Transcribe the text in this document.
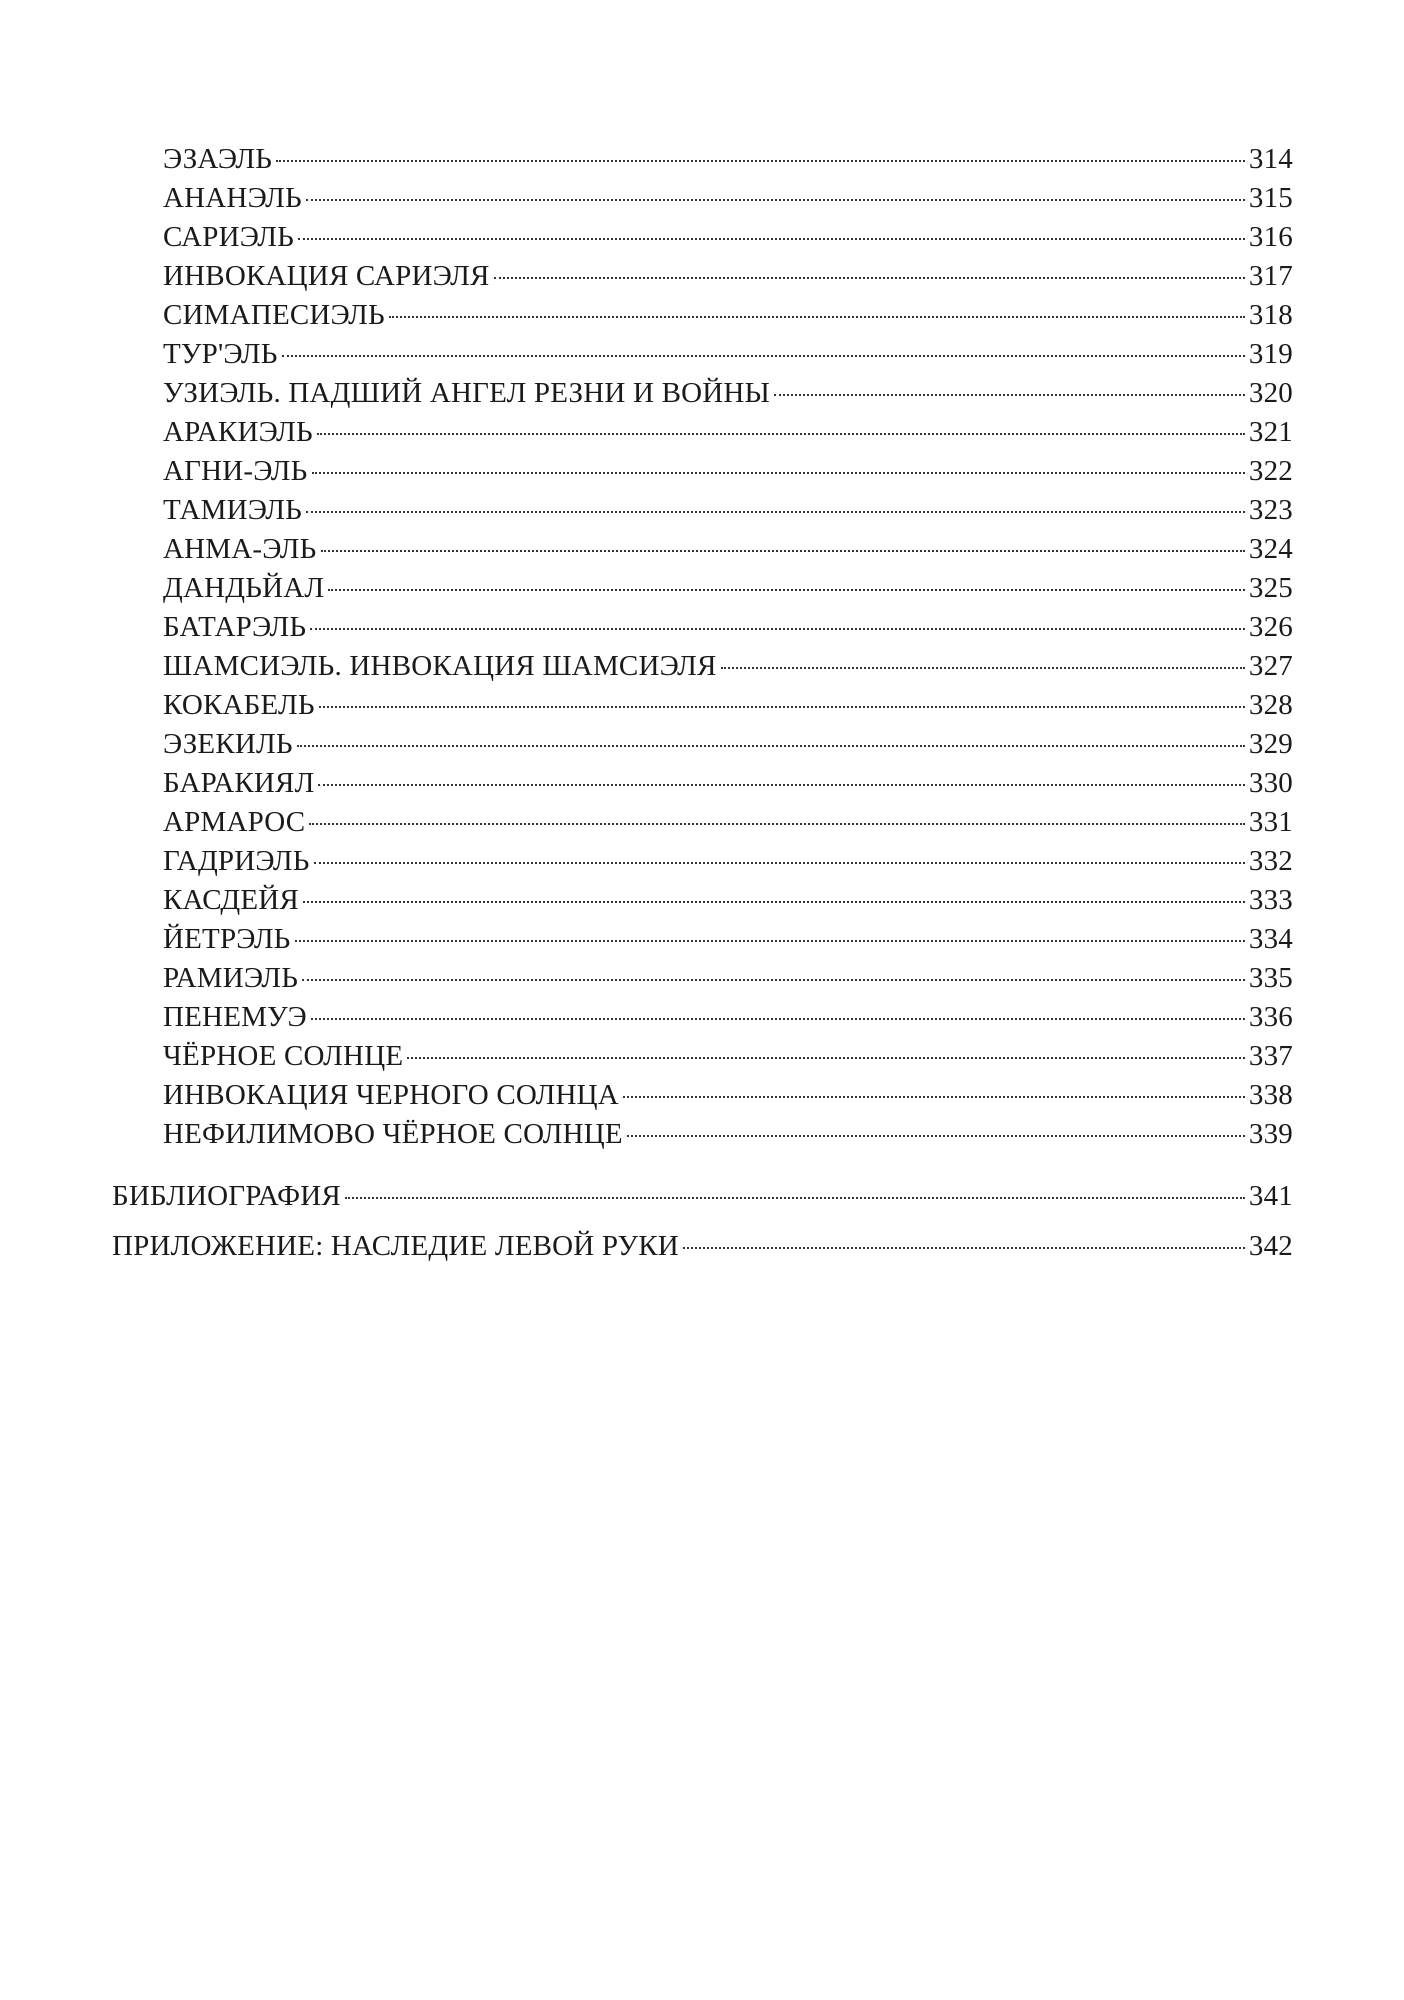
ЭЗАЭЛЬ	314
АНАНЭЛЬ	315
САРИЭЛЬ	316
ИНВОКАЦИЯ САРИЭЛЯ	317
СИМАПЕСИЭЛЬ	318
ТУР'ЭЛЬ	319
УЗИЭЛЬ. ПАДШИЙ АНГЕЛ РЕЗНИ И ВОЙНЫ	320
АРАКИЭЛЬ	321
АГНИ-ЭЛЬ	322
ТАМИЭЛЬ	323
АНМА-ЭЛЬ	324
ДАНДЬЙАЛ	325
БАТАРЭЛЬ	326
ШАМСИЭЛЬ. ИНВОКАЦИЯ ШАМСИЭЛЯ	327
КОКАБЕЛЬ	328
ЭЗЕКИЛЬ	329
БАРАКИЯЛ	330
АРМАРОС	331
ГАДРИЭЛЬ	332
КАСДЕЙЯ	333
ЙЕТРЭЛЬ	334
РАМИЭЛЬ	335
ПЕНЕМУЭ	336
ЧЁРНОЕ СОЛНЦЕ	337
ИНВОКАЦИЯ ЧЕРНОГО СОЛНЦА	338
НЕФИЛИМОВО ЧЁРНОЕ СОЛНЦЕ	339
БИБЛИОГРАФИЯ	341
ПРИЛОЖЕНИЕ: НАСЛЕДИЕ ЛЕВОЙ РУКИ	342
